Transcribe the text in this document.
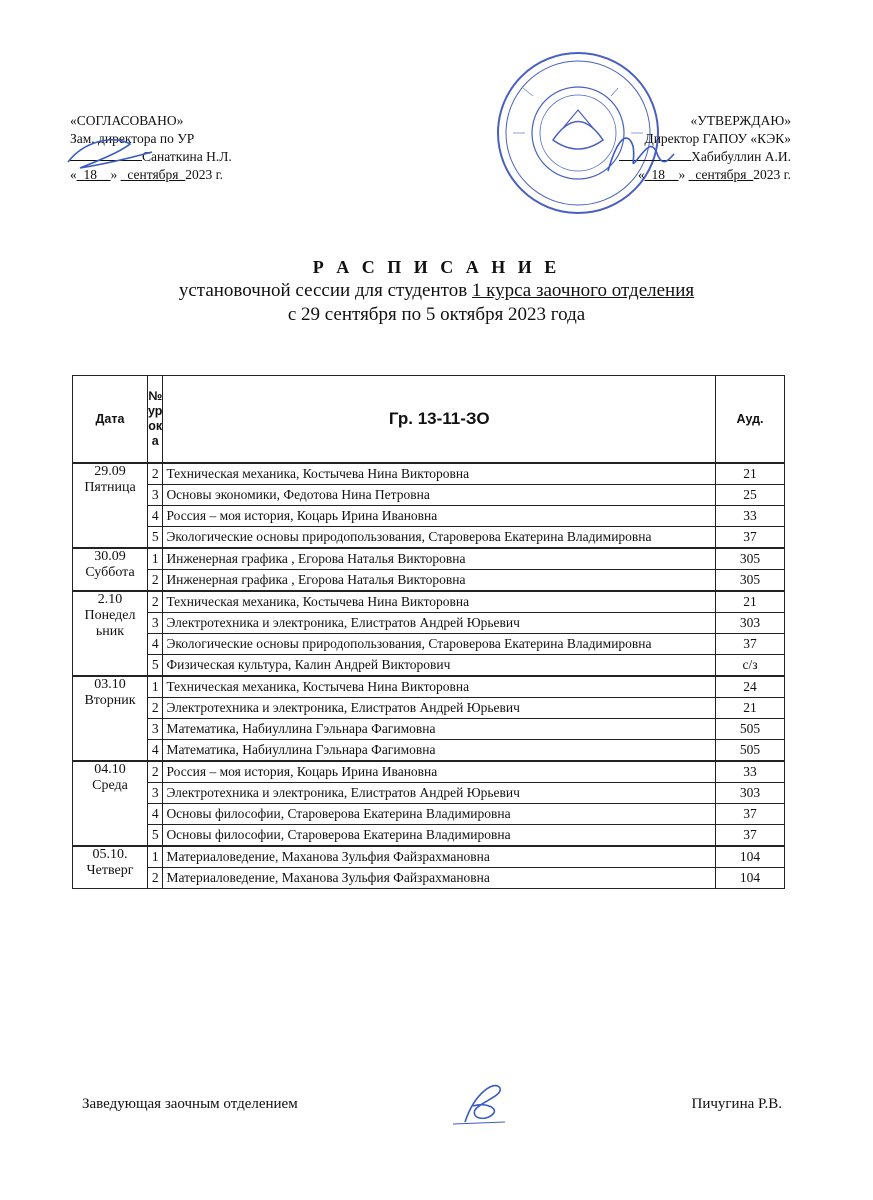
«СОГЛАСОВАНО»
Зам. директора по УР
Санаткина Н.Л.
«_18__» _сентября_2023 г.
«УТВЕРЖДАЮ»
Директор ГАПОУ «КЭК»
Хабибуллин А.И.
«_18__» _сентября_2023 г.

Р А С П И С А Н И Е

установочной сессии для студентов 1 курса заочного отделения
с 29 сентября по 5 октября 2023 года
Дата	№
ур
ок
а	Гр. 13-11-ЗО	Ауд.

29.09
Пятница	2	Техническая механика, Костычева Нина Викторовна	21
	3	Основы экономики, Федотова Нина Петровна	25
	4	Россия – моя история, Коцарь Ирина Ивановна	33
	5	Экологические основы природопользования, Староверова Екатерина Владимировна	37

30.09
Суббота	1	Инженерная графика , Егорова Наталья Викторовна	305
	2	Инженерная графика , Егорова Наталья Викторовна	305

2.10
Понедельник	2	Техническая механика, Костычева Нина Викторовна	21
	3	Электротехника и электроника, Елистратов Андрей Юрьевич	303
	4	Экологические основы природопользования, Староверова Екатерина Владимировна	37
	5	Физическая культура, Калин Андрей Викторович	с/з

03.10
Вторник	1	Техническая механика, Костычева Нина Викторовна	24
	2	Электротехника и электроника, Елистратов Андрей Юрьевич	21
	3	Математика, Набиуллина Гэльнара Фагимовна	505
	4	Математика, Набиуллина Гэльнара Фагимовна	505

04.10
Среда	2	Россия – моя история, Коцарь Ирина Ивановна	33
	3	Электротехника и электроника, Елистратов Андрей Юрьевич	303
	4	Основы философии, Староверова Екатерина Владимировна	37
	5	Основы философии, Староверова Екатерина Владимировна	37

05.10.
Четверг	1	Материаловедение, Маханова Зульфия Файзрахмановна	104
	2	Материаловедение, Маханова Зульфия Файзрахмановна	104
Заведующая заочным отделением	Пичугина Р.В.
